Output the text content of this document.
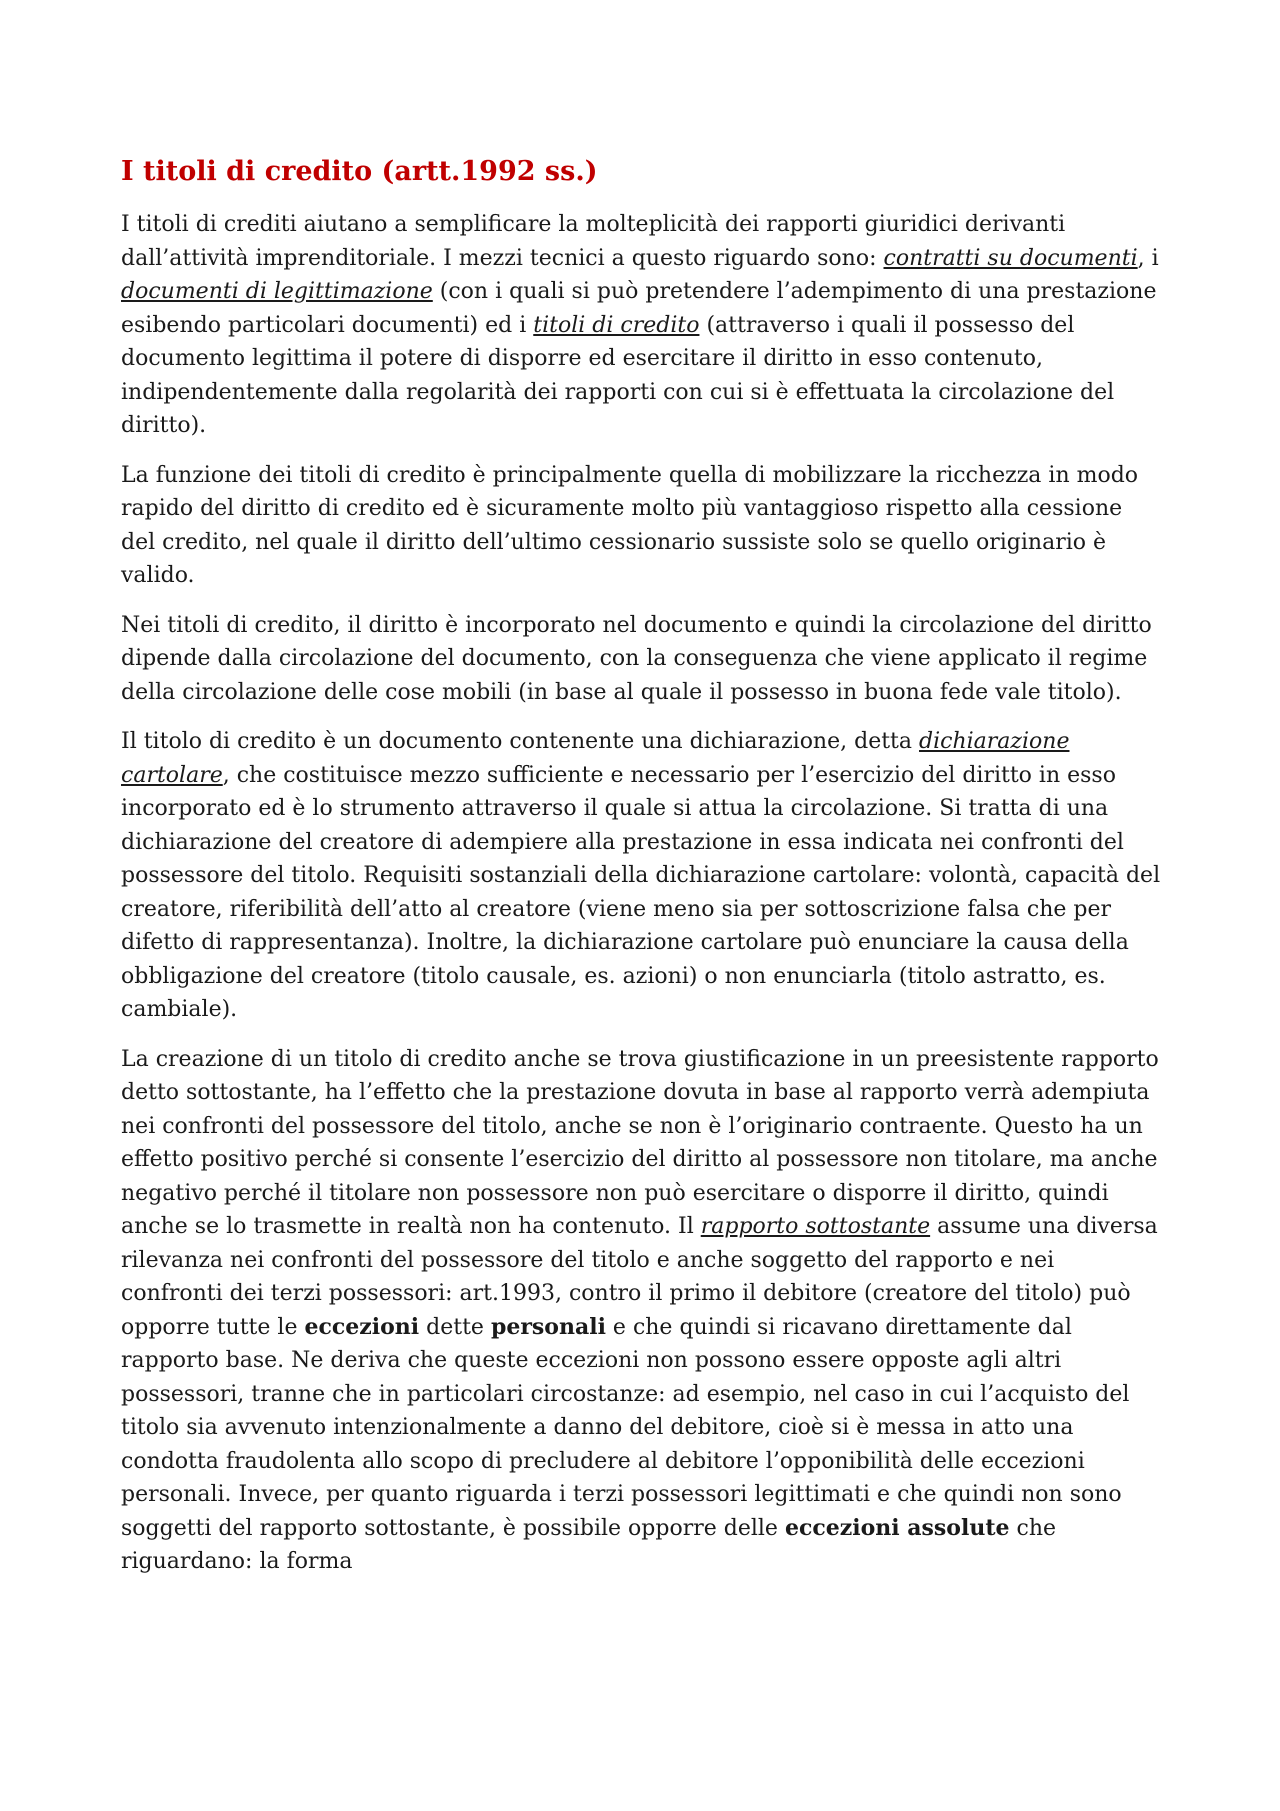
I titoli di credito (artt.1992 ss.)

I titoli di crediti aiutano a semplificare la molteplicità dei rapporti giuridici derivanti dall’attività imprenditoriale. I mezzi tecnici a questo riguardo sono: contratti su documenti, i documenti di legittimazione (con i quali si può pretendere l’adempimento di una prestazione esibendo particolari documenti) ed i titoli di credito (attraverso i quali il possesso del documento legittima il potere di disporre ed esercitare il diritto in esso contenuto, indipendentemente dalla regolarità dei rapporti con cui si è effettuata la circolazione del diritto).

La funzione dei titoli di credito è principalmente quella di mobilizzare la ricchezza in modo rapido del diritto di credito ed è sicuramente molto più vantaggioso rispetto alla cessione del credito, nel quale il diritto dell’ultimo cessionario sussiste solo se quello originario è valido.

Nei titoli di credito, il diritto è incorporato nel documento e quindi la circolazione del diritto dipende dalla circolazione del documento, con la conseguenza che viene applicato il regime della circolazione delle cose mobili (in base al quale il possesso in buona fede vale titolo).

Il titolo di credito è un documento contenente una dichiarazione, detta dichiarazione cartolare, che costituisce mezzo sufficiente e necessario per l’esercizio del diritto in esso incorporato ed è lo strumento attraverso il quale si attua la circolazione. Si tratta di una dichiarazione del creatore di adempiere alla prestazione in essa indicata nei confronti del possessore del titolo. Requisiti sostanziali della dichiarazione cartolare: volontà, capacità del creatore, riferibilità dell’atto al creatore (viene meno sia per sottoscrizione falsa che per difetto di rappresentanza). Inoltre, la dichiarazione cartolare può enunciare la causa della obbligazione del creatore (titolo causale, es. azioni) o non enunciarla (titolo astratto, es. cambiale).

La creazione di un titolo di credito anche se trova giustificazione in un preesistente rapporto detto sottostante, ha l’effetto che la prestazione dovuta in base al rapporto verrà adempiuta nei confronti del possessore del titolo, anche se non è l’originario contraente. Questo ha un effetto positivo perché si consente l’esercizio del diritto al possessore non titolare, ma anche negativo perché il titolare non possessore non può esercitare o disporre il diritto, quindi anche se lo trasmette in realtà non ha contenuto. Il rapporto sottostante assume una diversa rilevanza nei confronti del possessore del titolo e anche soggetto del rapporto e nei confronti dei terzi possessori: art.1993, contro il primo il debitore (creatore del titolo) può opporre tutte le eccezioni dette personali e che quindi si ricavano direttamente dal rapporto base. Ne deriva che queste eccezioni non possono essere opposte agli altri possessori, tranne che in particolari circostanze: ad esempio, nel caso in cui l’acquisto del titolo sia avvenuto intenzionalmente a danno del debitore, cioè si è messa in atto una condotta fraudolenta allo scopo di precludere al debitore l’opponibilità delle eccezioni personali. Invece, per quanto riguarda i terzi possessori legittimati e che quindi non sono soggetti del rapporto sottostante, è possibile opporre delle eccezioni assolute che riguardano: la forma
